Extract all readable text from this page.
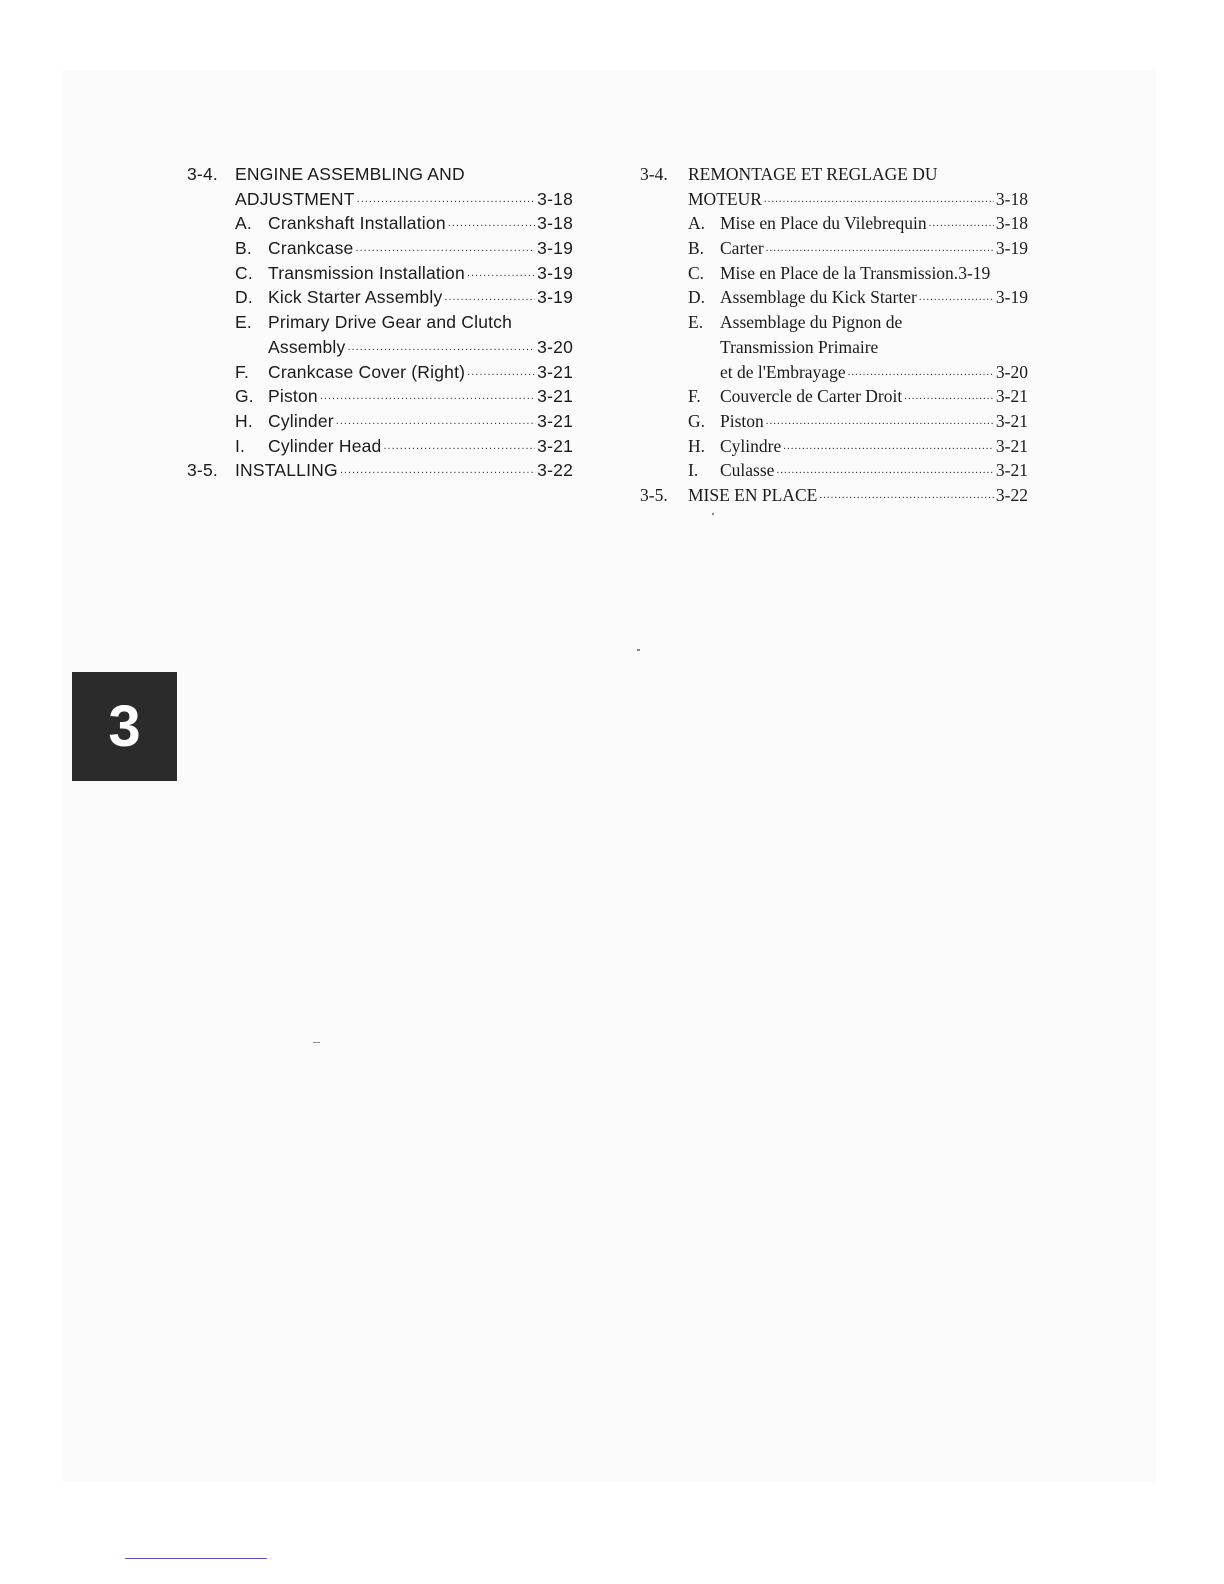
3-4. ENGINE ASSEMBLING AND
ADJUSTMENT .....	3-18
A. Crankshaft Installation .....	3-18
B. Crankcase .....	3-19
C. Transmission Installation .....	3-19
D. Kick Starter Assembly .....	3-19
E. Primary Drive Gear and Clutch
Assembly .....	3-20
F. Crankcase Cover (Right) .....	3-21
G. Piston .....	3-21
H. Cylinder .....	3-21
I. Cylinder Head .....	3-21
3-5. INSTALLING .....	3-22
3-4. REMONTAGE ET REGLAGE DU
MOTEUR .....	3-18
A. Mise en Place du Vilebrequin .....	3-18
B. Carter .....	3-19
C. Mise en Place de la Transmission. 3-19
D. Assemblage du Kick Starter .....	3-19
E. Assemblage du Pignon de
Transmission Primaire
et de l'Embrayage .....	3-20
F. Couvercle de Carter Droit .....	3-21
G. Piston .....	3-21
H. Cylindre .....	3-21
I. Culasse .....	3-21
3-5. MISE EN PLACE .....	3-22
3
